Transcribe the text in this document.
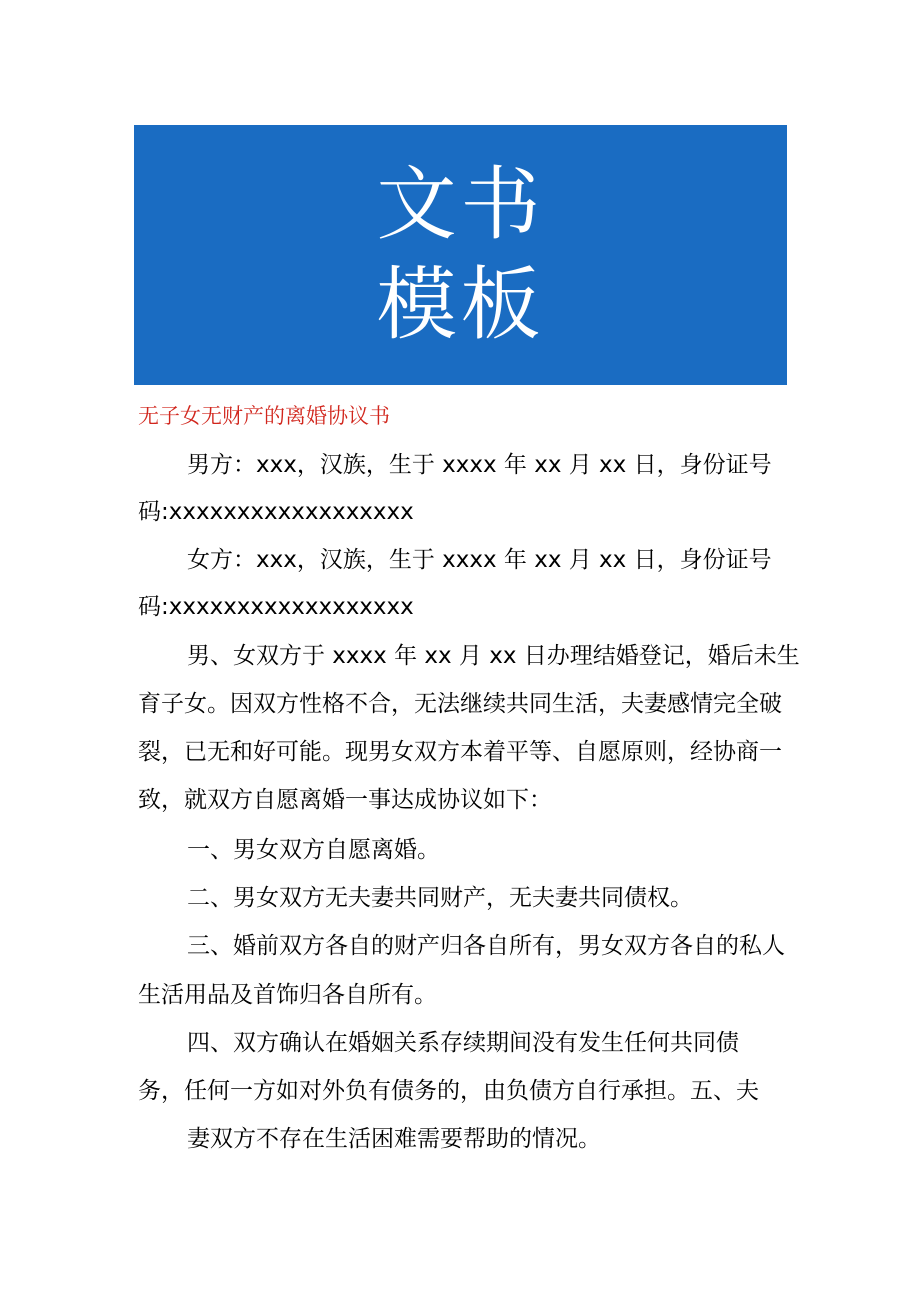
文书
模板
无子女无财产的离婚协议书
男方：xxx，汉族，生于 xxxx 年 xx 月 xx 日，身份证号
码:xxxxxxxxxxxxxxxxxx
女方：xxx，汉族，生于 xxxx 年 xx 月 xx 日，身份证号
码:xxxxxxxxxxxxxxxxxx
男、女双方于 xxxx 年 xx 月 xx 日办理结婚登记，婚后未生
育子女。因双方性格不合，无法继续共同生活，夫妻感情完全破
裂，已无和好可能。现男女双方本着平等、自愿原则，经协商一
致，就双方自愿离婚一事达成协议如下：
一、男女双方自愿离婚。
二、男女双方无夫妻共同财产，无夫妻共同债权。
三、婚前双方各自的财产归各自所有，男女双方各自的私人
生活用品及首饰归各自所有。
四、双方确认在婚姻关系存续期间没有发生任何共同债
务，任何一方如对外负有债务的，由负债方自行承担。五、夫
妻双方不存在生活困难需要帮助的情况。
